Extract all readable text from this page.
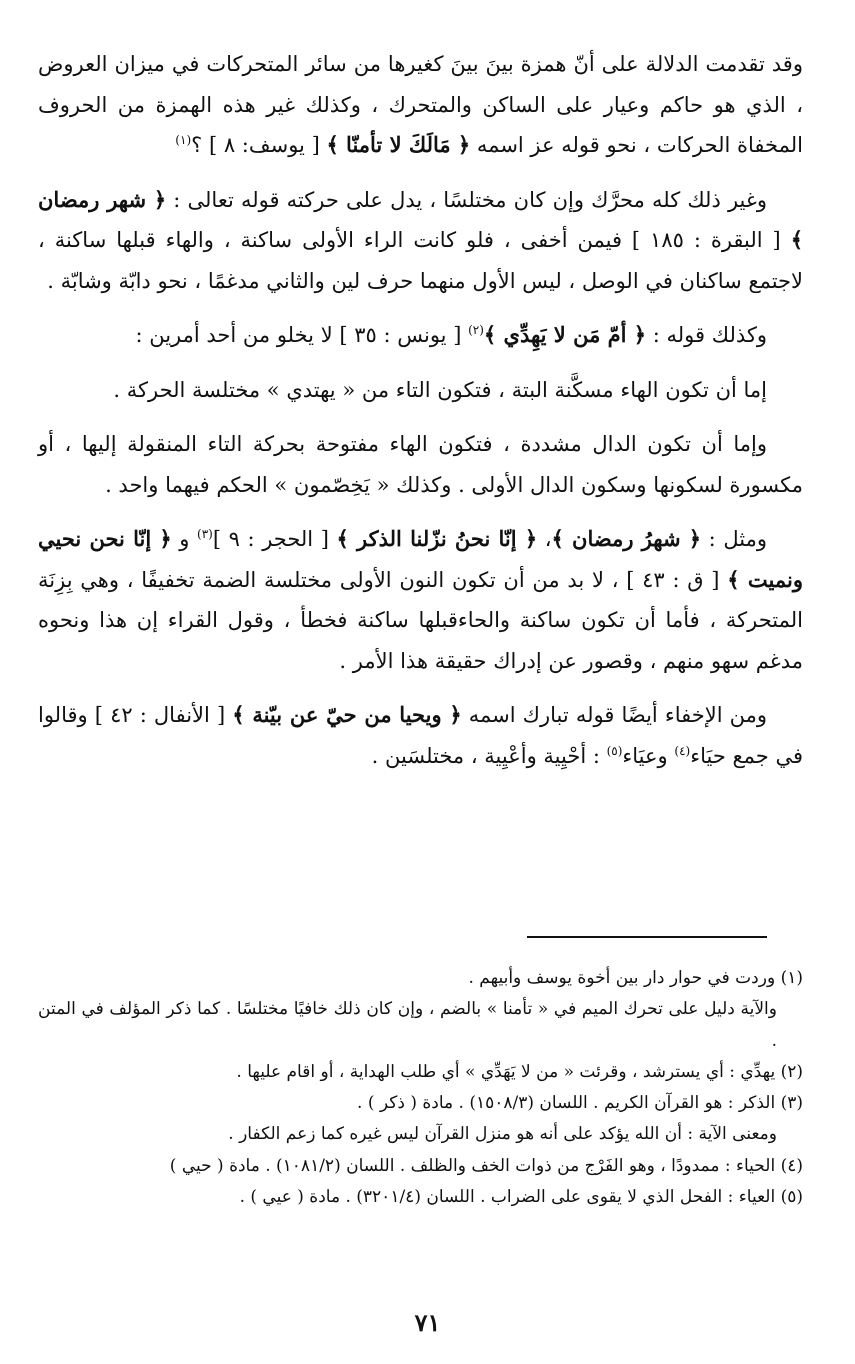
وقد تقدمت الدلالة على أنّ همزة بينَ بينَ كغيرها من سائر المتحركات في ميزان العروض ، الذي هو حاكم وعيار على الساكن والمتحرك ، وكذلك غير هذه الهمزة من الحروف المخفاة الحركات ، نحو قوله عز اسمه ﴿ مَالَكَ لا تأمنّا ﴾ [ يوسف: ٨ ] ؟$^{(١)}$

وغير ذلك كله محرَّك وإن كان مختلسًا ، يدل على حركته قوله تعالى : ﴿ شهر رمضان ﴾ [ البقرة : ١٨٥ ] فيمن أخفى ، فلو كانت الراء الأولى ساكنة ، والهاء قبلها ساكنة ، لاجتمع ساكنان في الوصل ، ليس الأول منهما حرف لين والثاني مدغمًا ، نحو دابّة وشابّة .

وكذلك قوله : ﴿ أمّ مَن لا يَهِدِّي ﴾$^{(٢)}$ [ يونس : ٣٥ ] لا يخلو من أحد أمرين :

إما أن تكون الهاء مسكَّنة البتة ، فتكون التاء من « يهتدي » مختلسة الحركة .

وإما أن تكون الدال مشددة ، فتكون الهاء مفتوحة بحركة التاء المنقولة إليها ، أو مكسورة لسكونها وسكون الدال الأولى . وكذلك « يَخِصّمون » الحكم فيهما واحد .

ومثل : ﴿ شهرُ رمضان ﴾، ﴿ إنّا نحنُ نزّلنا الذكر ﴾ [ الحجر : ٩ ]$^{(٣)}$ و ﴿ إنّا نحن نحيي ونميت ﴾ [ ق : ٤٣ ] ، لا بد من أن تكون النون الأولى مختلسة الضمة تخفيفًا ، وهي بِزِنَة المتحركة ، فأما أن تكون ساكنة والحاءقبلها ساكنة فخطأ ، وقول القراء إن هذا ونحوه مدغم سهو منهم ، وقصور عن إدراك حقيقة هذا الأمر .

ومن الإخفاء أيضًا قوله تبارك اسمه ﴿ ويحيا من حيّ عن بيّنة ﴾ [ الأنفال : ٤٢ ] وقالوا في جمع حيَاء$^{(٤)}$ وعيَاء$^{(٥)}$ : أحْيِية وأعْيِية ، مختلسَين .

(١) وردت في حوار دار بين أخوة يوسف وأبيهم .

والآية دليل على تحرك الميم في « تأمنا » بالضم ، وإن كان ذلك خافيًا مختلسًا . كما ذكر المؤلف في المتن .

(٢) يهدِّي : أي يسترشد ، وقرئت « من لا يَهَدِّي » أي طلب الهداية ، أو اقام عليها .

(٣) الذكر : هو القرآن الكريم . اللسان (١٥٠٨/٣) . مادة ( ذكر ) .

ومعنى الآية : أن الله يؤكد على أنه هو منزل القرآن ليس غيره كما زعم الكفار .

(٤) الحياء : ممدودًا ، وهو الفَرْج من ذوات الخف والظلف . اللسان (١٠٨١/٢) . مادة ( حيي )

(٥) العياء : الفحل الذي لا يقوى على الضراب . اللسان (٣٢٠١/٤) . مادة ( عيي ) .

٧١
